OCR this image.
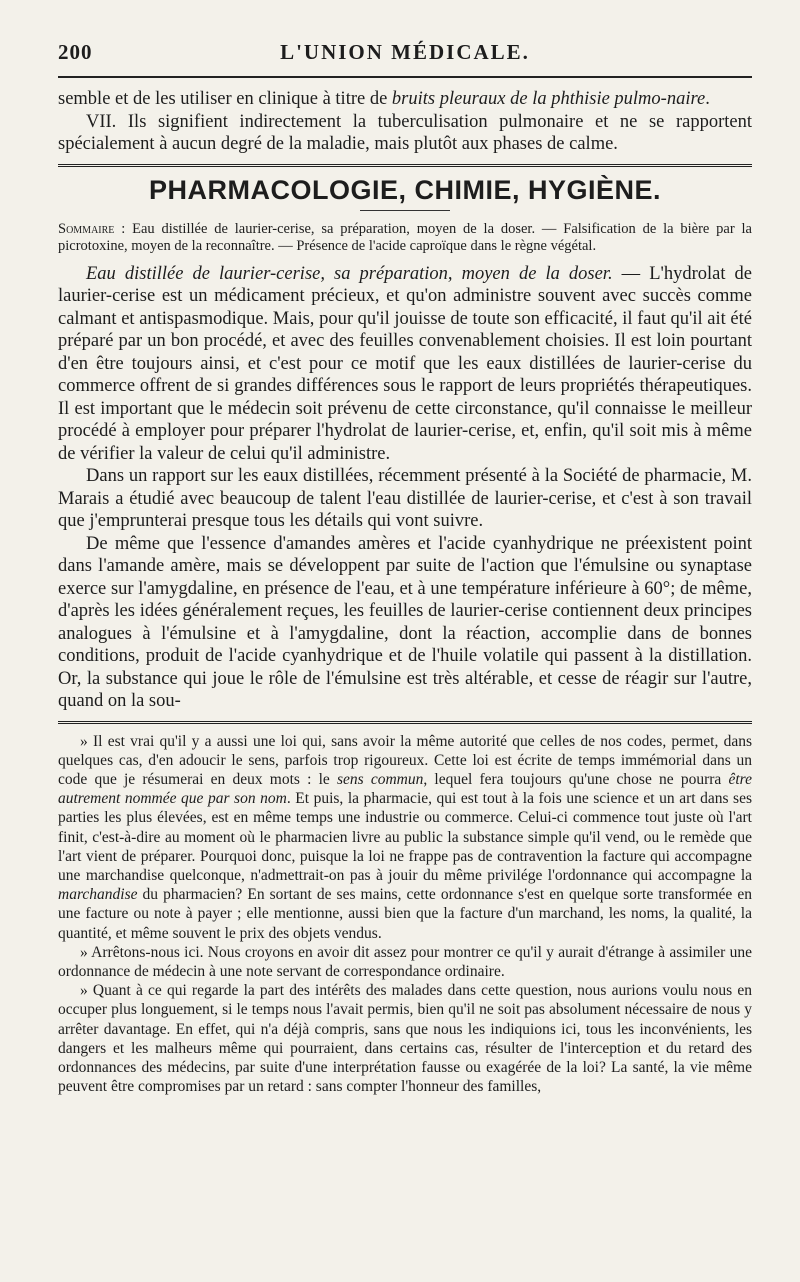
200	L'UNION MÉDICALE.

semble et de les utiliser en clinique à titre de bruits pleuraux de la phthisie pulmo-naire.

VII. Ils signifient indirectement la tuberculisation pulmonaire et ne se rapportent spécialement à aucun degré de la maladie, mais plutôt aux phases de calme.

PHARMACOLOGIE, CHIMIE, HYGIÈNE.

Sommaire : Eau distillée de laurier-cerise, sa préparation, moyen de la doser. — Falsification de la bière par la picrotoxine, moyen de la reconnaître. — Présence de l'acide caproïque dans le règne végétal.

Eau distillée de laurier-cerise, sa préparation, moyen de la doser. — L'hydrolat de laurier-cerise est un médicament précieux, et qu'on administre souvent avec succès comme calmant et antispasmodique. Mais, pour qu'il jouisse de toute son efficacité, il faut qu'il ait été préparé par un bon procédé, et avec des feuilles convenablement choisies. Il est loin pourtant d'en être toujours ainsi, et c'est pour ce motif que les eaux distillées de laurier-cerise du commerce offrent de si grandes différences sous le rapport de leurs propriétés thérapeutiques. Il est important que le médecin soit prévenu de cette circonstance, qu'il connaisse le meilleur procédé à employer pour préparer l'hydrolat de laurier-cerise, et, enfin, qu'il soit mis à même de vérifier la valeur de celui qu'il administre.

Dans un rapport sur les eaux distillées, récemment présenté à la Société de pharmacie, M. Marais a étudié avec beaucoup de talent l'eau distillée de laurier-cerise, et c'est à son travail que j'emprunterai presque tous les détails qui vont suivre.

De même que l'essence d'amandes amères et l'acide cyanhydrique ne préexistent point dans l'amande amère, mais se développent par suite de l'action que l'émulsine ou synaptase exerce sur l'amygdaline, en présence de l'eau, et à une température inférieure à 60°; de même, d'après les idées généralement reçues, les feuilles de laurier-cerise contiennent deux principes analogues à l'émulsine et à l'amygdaline, dont la réaction, accomplie dans de bonnes conditions, produit de l'acide cyanhydrique et de l'huile volatile qui passent à la distillation. Or, la substance qui joue le rôle de l'émulsine est très altérable, et cesse de réagir sur l'autre, quand on la sou-

» Il est vrai qu'il y a aussi une loi qui, sans avoir la même autorité que celles de nos codes, permet, dans quelques cas, d'en adoucir le sens, parfois trop rigoureux. Cette loi est écrite de temps immémorial dans un code que je résumerai en deux mots : le sens commun, lequel fera toujours qu'une chose ne pourra être autrement nommée que par son nom. Et puis, la pharmacie, qui est tout à la fois une science et un art dans ses parties les plus élevées, est en même temps une industrie ou commerce. Celui-ci commence tout juste où l'art finit, c'est-à-dire au moment où le pharmacien livre au public la substance simple qu'il vend, ou le remède que l'art vient de préparer. Pourquoi donc, puisque la loi ne frappe pas de contravention la facture qui accompagne une marchandise quelconque, n'admettrait-on pas à jouir du même privilége l'ordonnance qui accompagne la marchandise du pharmacien? En sortant de ses mains, cette ordonnance s'est en quelque sorte transformée en une facture ou note à payer ; elle mentionne, aussi bien que la facture d'un marchand, les noms, la qualité, la quantité, et même souvent le prix des objets vendus.

» Arrêtons-nous ici. Nous croyons en avoir dit assez pour montrer ce qu'il y aurait d'étrange à assimiler une ordonnance de médecin à une note servant de correspondance ordinaire.

» Quant à ce qui regarde la part des intérêts des malades dans cette question, nous aurions voulu nous en occuper plus longuement, si le temps nous l'avait permis, bien qu'il ne soit pas absolument nécessaire de nous y arrêter davantage. En effet, qui n'a déjà compris, sans que nous les indiquions ici, tous les inconvénients, les dangers et les malheurs même qui pourraient, dans certains cas, résulter de l'interception et du retard des ordonnances des médecins, par suite d'une interprétation fausse ou exagérée de la loi? La santé, la vie même peuvent être compromises par un retard : sans compter l'honneur des familles,
